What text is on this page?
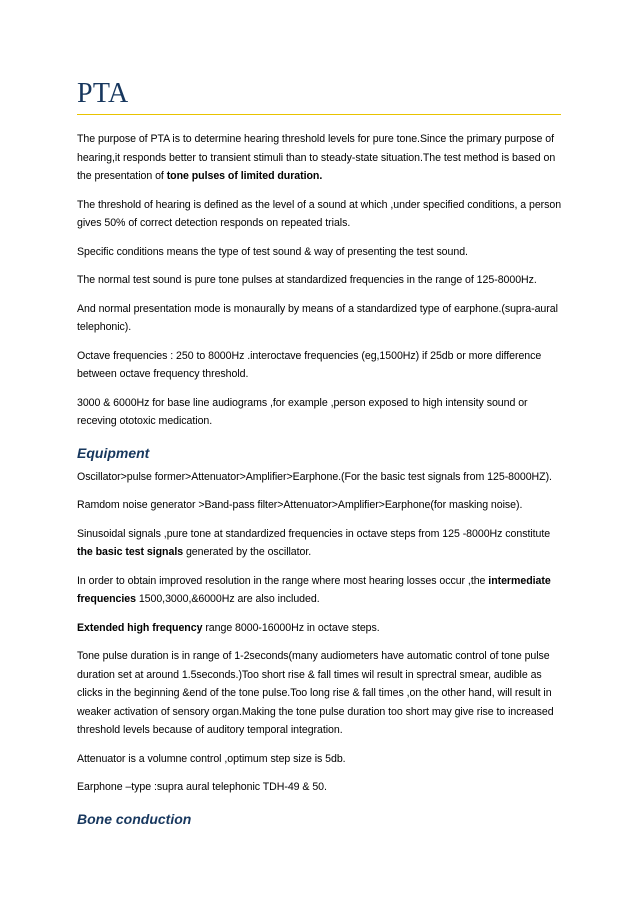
PTA

The purpose of PTA is to determine hearing threshold levels for pure tone.Since the primary purpose of hearing,it responds better to transient stimuli than to steady-state situation.The test method is based on the presentation of tone pulses of limited duration.

The threshold of hearing is defined as the level of a sound at which ,under specified conditions, a person gives 50% of correct detection responds on repeated trials.

Specific conditions means the type of test sound & way of presenting the test sound.

The normal test sound is pure tone pulses at standardized frequencies in the range of 125-8000Hz.

And normal presentation mode is monaurally by means of a standardized type of earphone.(supra-aural telephonic).

Octave frequencies : 250 to 8000Hz .interoctave frequencies (eg,1500Hz) if 25db or more difference between octave frequency threshold.

3000 & 6000Hz for base line audiograms ,for example ,person exposed to high intensity sound or receving ototoxic medication.

Equipment

Oscillator>pulse former>Attenuator>Amplifier>Earphone.(For the basic test signals from 125-8000HZ).

Ramdom noise generator >Band-pass filter>Attenuator>Amplifier>Earphone(for masking noise).

Sinusoidal signals ,pure tone at standardized frequencies in octave steps from 125 -8000Hz constitute the basic test signals generated by the oscillator.

In order to obtain improved resolution in the range where most hearing losses occur ,the intermediate frequencies 1500,3000,&6000Hz are also included.

Extended high frequency range 8000-16000Hz in octave steps.

Tone pulse duration is in range of 1-2seconds(many audiometers have automatic control of tone pulse duration set at around 1.5seconds.)Too short rise & fall times wil result in sprectral smear, audible as clicks in the beginning &end of the tone pulse.Too long rise & fall times ,on the other hand, will result in weaker activation of sensory organ.Making the tone pulse duration too short may give rise to increased threshold levels because of auditory temporal integration.

Attenuator is a volumne control ,optimum step size is 5db.

Earphone –type :supra aural telephonic TDH-49 & 50.

Bone conduction
